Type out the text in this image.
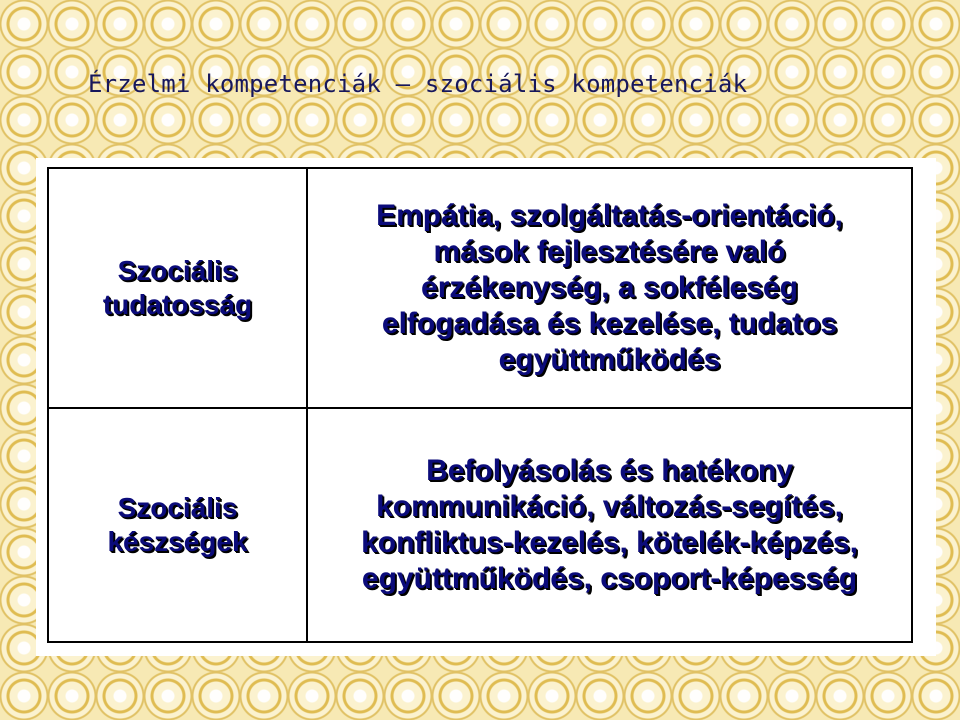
Érzelmi kompetenciák – szociális kompetenciák
Szociális
tudatosság
Empátia, szolgáltatás-orientáció,
mások fejlesztésére való
érzékenység, a sokféleség
elfogadása és kezelése, tudatos
együttműködés
Szociális
készségek
Befolyásolás és hatékony
kommunikáció, változás-segítés,
konfliktus-kezelés, kötelék-képzés,
együttműködés, csoport-képesség
